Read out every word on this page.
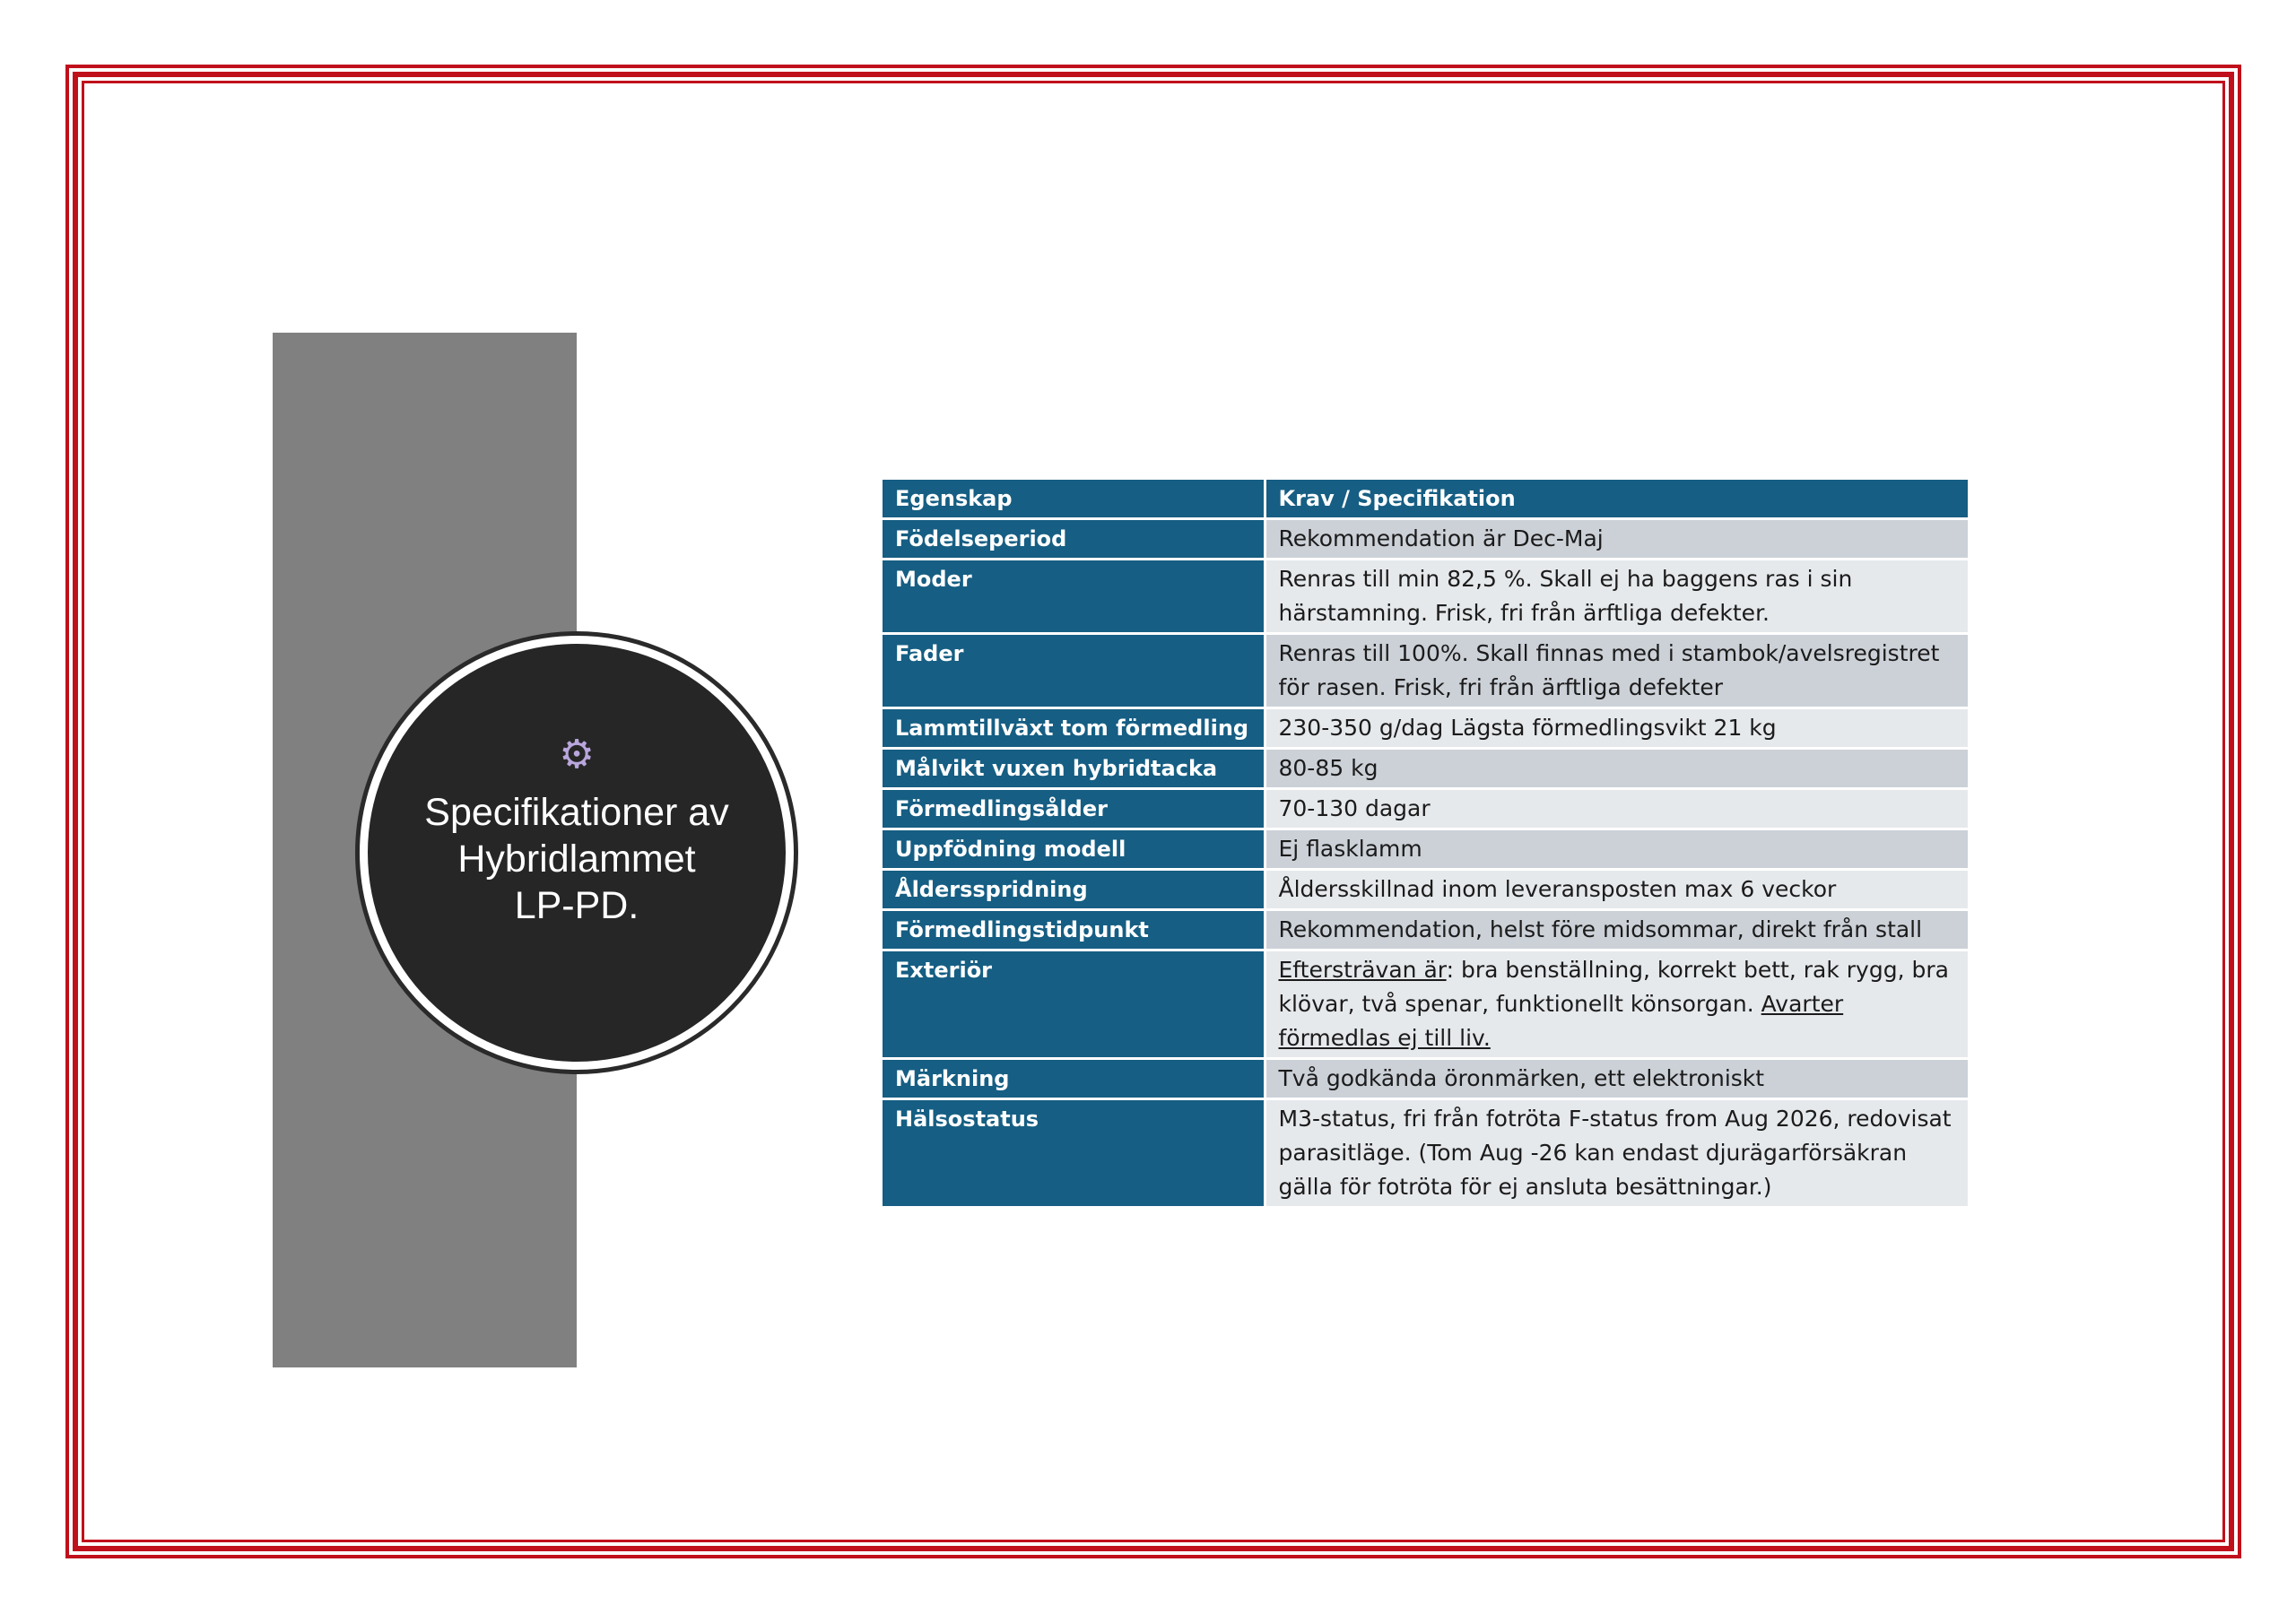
⚙
Specifikationer av Hybridlammet LP-PD.
Egenskap	Krav / Specifikation
Födelseperiod	Rekommendation är Dec-Maj
Moder	Renras till min 82,5 %. Skall ej ha baggens ras i sin härstamning. Frisk, fri från ärftliga defekter.
Fader	Renras till 100%. Skall finnas med i stambok/avelsregistret för rasen. Frisk, fri från ärftliga defekter
Lammtillväxt tom förmedling	230-350 g/dag Lägsta förmedlingsvikt 21 kg
Målvikt vuxen hybridtacka	80-85 kg
Förmedlingsålder	70-130 dagar
Uppfödning modell	Ej flasklamm
Åldersspridning	Åldersskillnad inom leveransposten max 6 veckor
Förmedlingstidpunkt	Rekommendation, helst före midsommar, direkt från stall
Exteriör	Eftersträvan är: bra benställning, korrekt bett, rak rygg, bra klövar, två spenar, funktionellt könsorgan. Avarter förmedlas ej till liv.
Märkning	Två godkända öronmärken, ett elektroniskt
Hälsostatus	M3-status, fri från fotröta F-status from Aug 2026, redovisat parasitläge. (Tom Aug -26 kan endast djurägarförsäkran gälla för fotröta för ej ansluta besättningar.)
